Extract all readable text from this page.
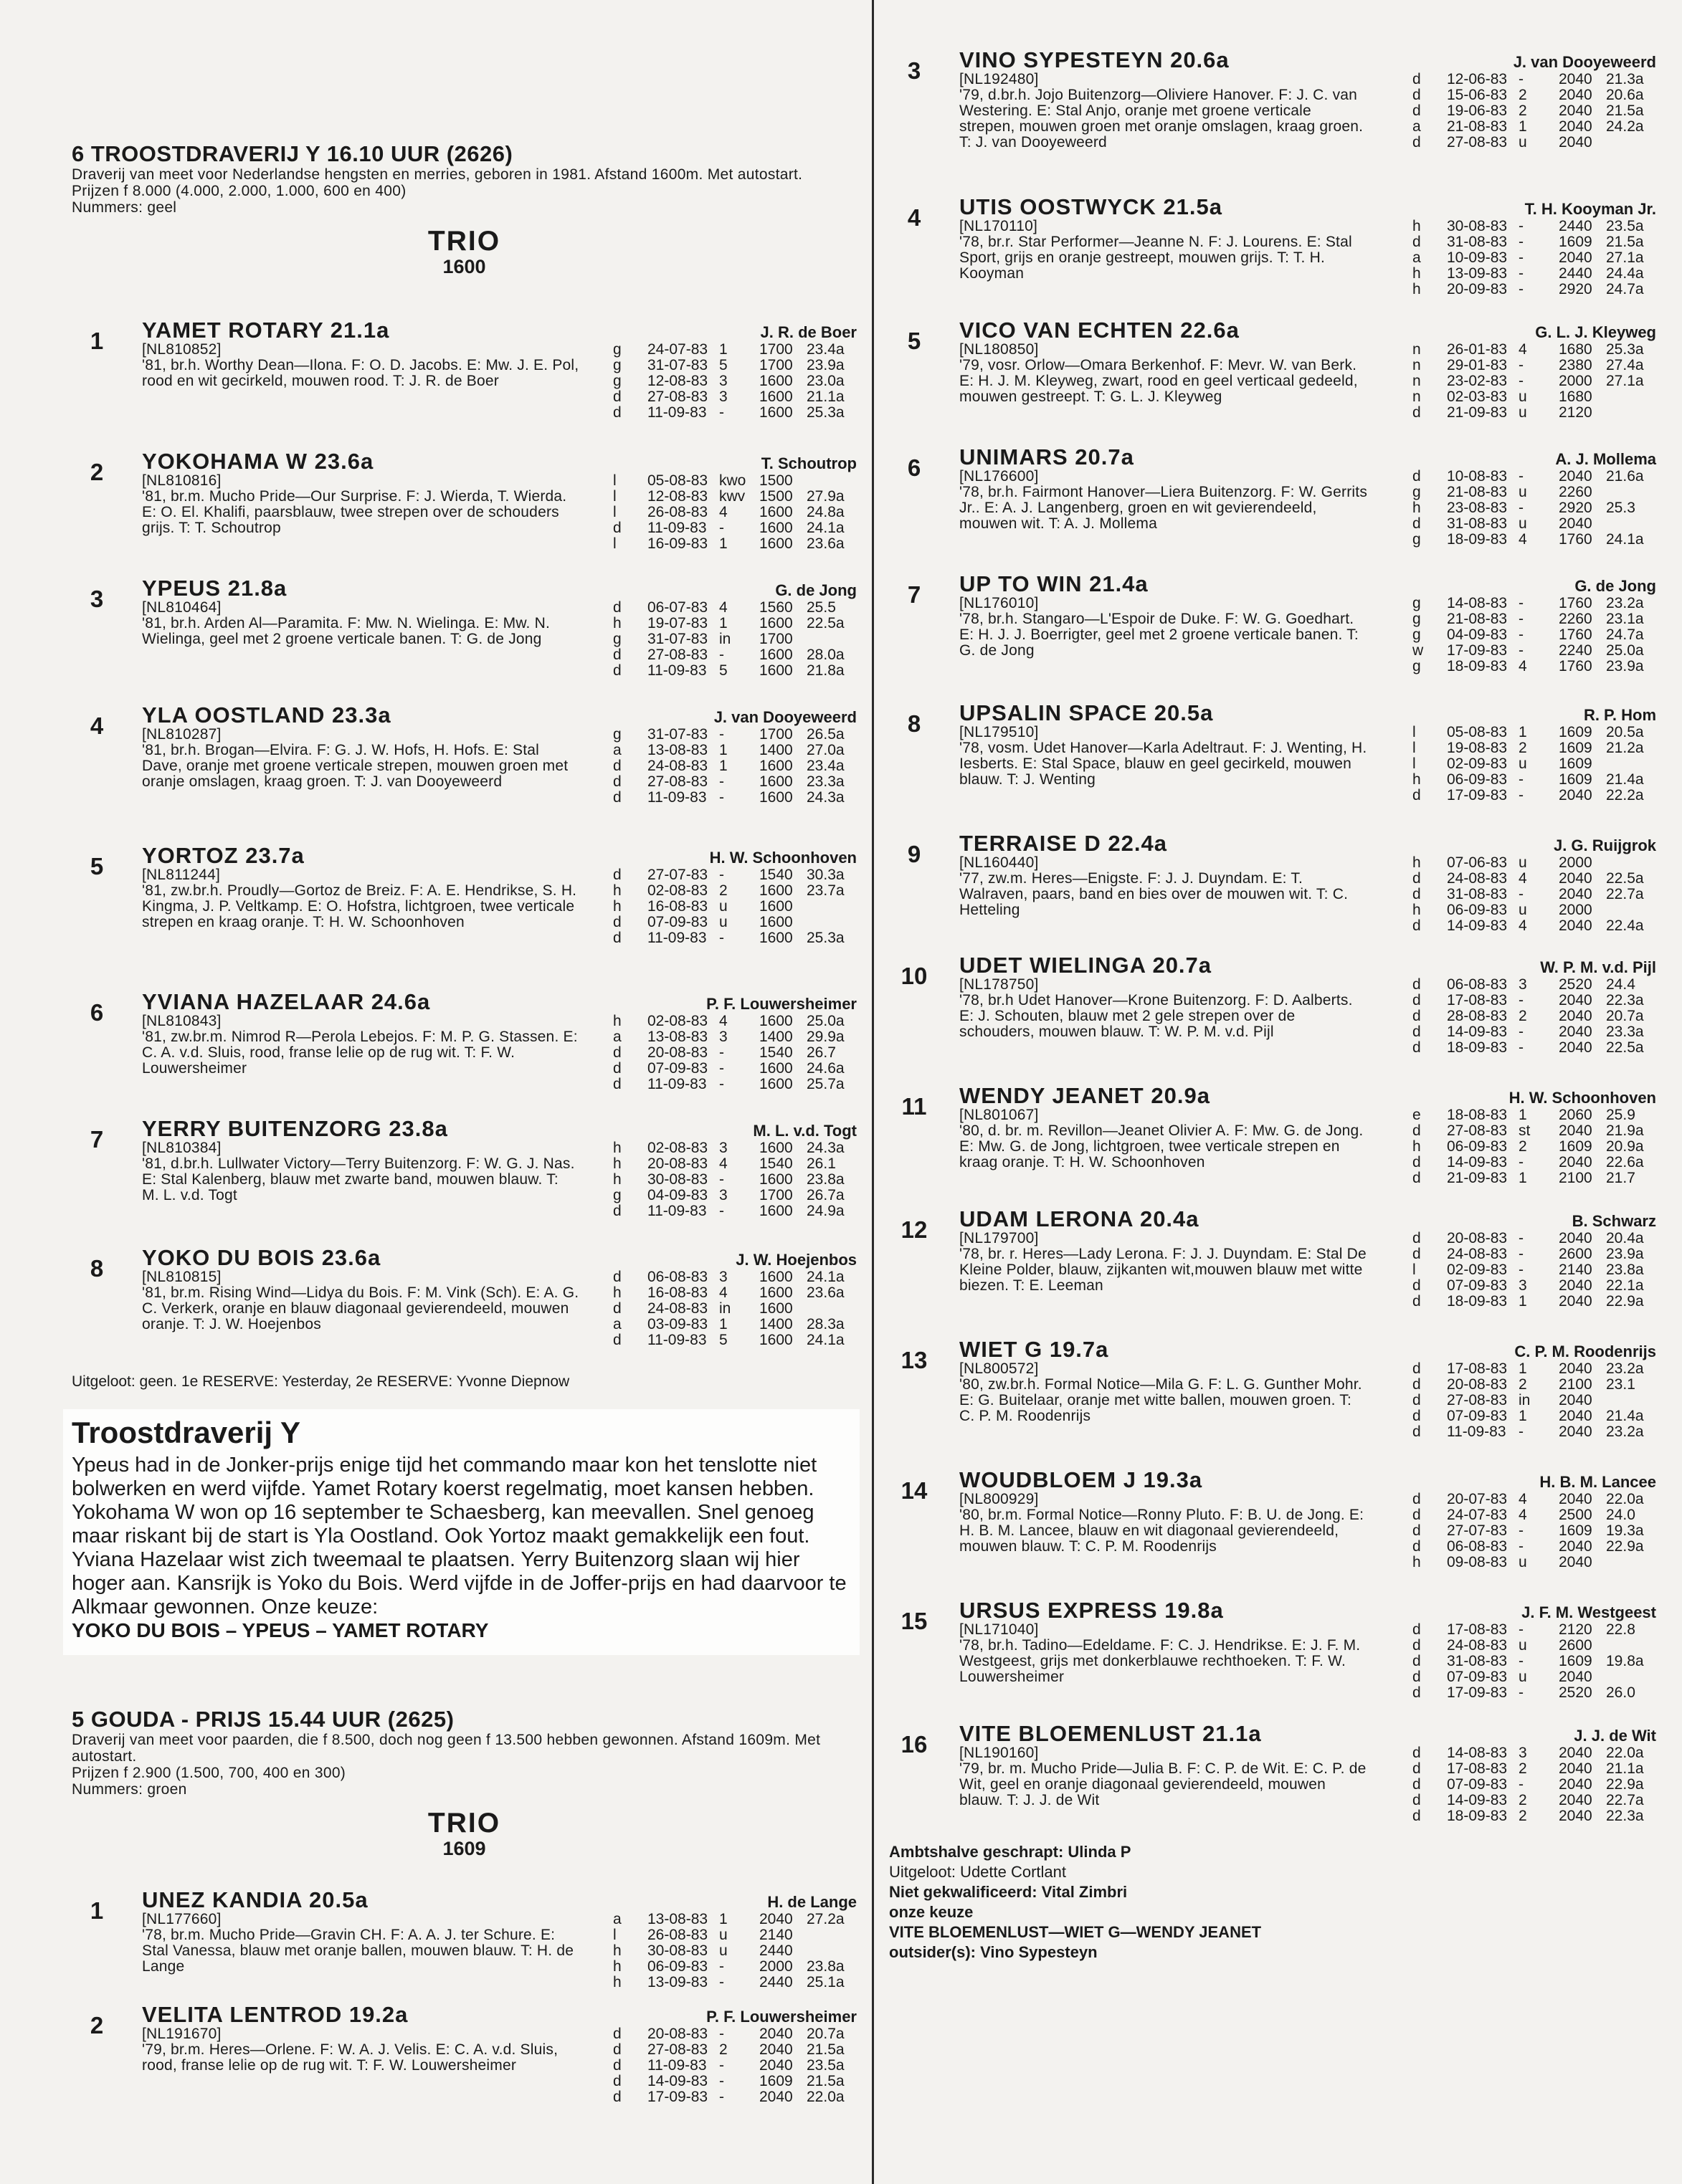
6 TROOSTDRAVERIJ Y 16.10 UUR (2626)
Draverij van meet voor Nederlandse hengsten en merries, geboren in 1981. Afstand 1600m. Met autostart.
Prijzen f 8.000 (4.000, 2.000, 1.000, 600 en 400)
Nummers: geel
TRIO
1600
1	YAMET ROTARY 21.1a	J. R. de Boer
[NL810852]
'81, br.h. Worthy Dean—Ilona. F: O. D. Jacobs. E: Mw. J. E. Pol, rood en wit gecirkeld, mouwen rood. T: J. R. de Boer
g	24-07-83 1	1700 23.4a
g	31-07-83 5	1700 23.9a
g	12-08-83 3	1600 23.0a
d	27-08-83 3	1600 21.1a
d	11-09-83 -	1600 25.3a
2	YOKOHAMA W 23.6a	T. Schoutrop
[NL810816]
'81, br.m. Mucho Pride—Our Surprise. F: J. Wierda, T. Wierda. E: O. El. Khalifi, paarsblauw, twee strepen over de schouders grijs. T: T. Schoutrop
l	05-08-83 kwo 1500
l	12-08-83 kwv 1500 27.9a
l	26-08-83 4	1600 24.8a
d	11-09-83 -	1600 24.1a
l	16-09-83 1	1600 23.6a
3	YPEUS 21.8a	G. de Jong
[NL810464]
'81, br.h. Arden Al—Paramita. F: Mw. N. Wielinga. E: Mw. N. Wielinga, geel met 2 groene verticale banen. T: G. de Jong
d	06-07-83 4	1560 25.5
h	19-07-83 1	1600 22.5a
g	31-07-83 in	1700
d	27-08-83 -	1600 28.0a
d	11-09-83 5	1600 21.8a
4	YLA OOSTLAND 23.3a	J. van Dooyeweerd
[NL810287]
'81, br.h. Brogan—Elvira. F: G. J. W. Hofs, H. Hofs. E: Stal Dave, oranje met groene verticale strepen, mouwen groen met oranje omslagen, kraag groen. T: J. van Dooyeweerd
g	31-07-83 -	1700 26.5a
a	13-08-83 1	1400 27.0a
d	24-08-83 1	1600 23.4a
d	27-08-83 -	1600 23.3a
d	11-09-83 -	1600 24.3a
5	YORTOZ 23.7a	H. W. Schoonhoven
[NL811244]
'81, zw.br.h. Proudly—Gortoz de Breiz. F: A. E. Hendrikse, S. H. Kingma, J. P. Veltkamp. E: O. Hofstra, lichtgroen, twee verticale strepen en kraag oranje. T: H. W. Schoonhoven
d	27-07-83 -	1540 30.3a
h	02-08-83 2	1600 23.7a
h	16-08-83 u	1600
d	07-09-83 u	1600
d	11-09-83 -	1600 25.3a
6	YVIANA HAZELAAR 24.6a	P. F. Louwersheimer
[NL810843]
'81, zw.br.m. Nimrod R—Perola Lebejos. F: M. P. G. Stassen. E: C. A. v.d. Sluis, rood, franse lelie op de rug wit. T: F. W. Louwersheimer
h	02-08-83 4	1600 25.0a
a	13-08-83 3	1400 29.9a
d	20-08-83 -	1540 26.7
d	07-09-83 -	1600 24.6a
d	11-09-83 -	1600 25.7a
7	YERRY BUITENZORG 23.8a	M. L. v.d. Togt
[NL810384]
'81, d.br.h. Lullwater Victory—Terry Buitenzorg. F: W. G. J. Nas. E: Stal Kalenberg, blauw met zwarte band, mouwen blauw. T: M. L. v.d. Togt
h	02-08-83 3	1600 24.3a
h	20-08-83 4	1540 26.1
h	30-08-83 -	1600 23.8a
g	04-09-83 3	1700 26.7a
d	11-09-83 -	1600 24.9a
8	YOKO DU BOIS 23.6a	J. W. Hoejenbos
[NL810815]
'81, br.m. Rising Wind—Lidya du Bois. F: M. Vink (Sch). E: A. G. C. Verkerk, oranje en blauw diagonaal gevierendeeld, mouwen oranje. T: J. W. Hoejenbos
d	06-08-83 3	1600 24.1a
h	16-08-83 4	1600 23.6a
d	24-08-83 in	1600
a	03-09-83 1	1400 28.3a
d	11-09-83 5	1600 24.1a
Uitgeloot: geen. 1e RESERVE: Yesterday, 2e RESERVE: Yvonne Diepnow
Troostdraverij Y
Ypeus had in de Jonker-prijs enige tijd het commando maar kon het tenslotte niet bolwerken en werd vijfde. Yamet Rotary koerst regelmatig, moet kansen hebben. Yokohama W won op 16 september te Schaesberg, kan meevallen. Snel genoeg maar riskant bij de start is Yla Oostland. Ook Yortoz maakt gemakkelijk een fout. Yviana Hazelaar wist zich tweemaal te plaatsen. Yerry Buitenzorg slaan wij hier hoger aan. Kansrijk is Yoko du Bois. Werd vijfde in de Joffer-prijs en had daarvoor te Alkmaar gewonnen. Onze keuze:
YOKO DU BOIS – YPEUS – YAMET ROTARY
5 GOUDA - PRIJS 15.44 UUR (2625)
Draverij van meet voor paarden, die f 8.500, doch nog geen f 13.500 hebben gewonnen. Afstand 1609m. Met autostart.
Prijzen f 2.900 (1.500, 700, 400 en 300)
Nummers: groen
TRIO
1609
1	UNEZ KANDIA 20.5a	H. de Lange
[NL177660]
'78, br.m. Mucho Pride—Gravin CH. F: A. A. J. ter Schure. E: Stal Vanessa, blauw met oranje ballen, mouwen blauw. T: H. de Lange
a	13-08-83 1	2040 27.2a
l	26-08-83 u	2140
h	30-08-83 u	2440
h	06-09-83 -	2000 23.8a
h	13-09-83 -	2440 25.1a
2	VELITA LENTROD 19.2a	P. F. Louwersheimer
[NL191670]
'79, br.m. Heres—Orlene. F: W. A. J. Velis. E: C. A. v.d. Sluis, rood, franse lelie op de rug wit. T: F. W. Louwersheimer
d	20-08-83 -	2040 20.7a
d	27-08-83 2	2040 21.5a
d	11-09-83 -	2040 23.5a
d	14-09-83 -	1609 21.5a
d	17-09-83 -	2040 22.0a
3	VINO SYPESTEYN 20.6a	J. van Dooyeweerd
[NL192480]
'79, d.br.h. Jojo Buitenzorg—Oliviere Hanover. F: J. C. van Westering. E: Stal Anjo, oranje met groene verticale strepen, mouwen groen met oranje omslagen, kraag groen. T: J. van Dooyeweerd
d	12-06-83 -	2040 21.3a
d	15-06-83 2	2040 20.6a
d	19-06-83 2	2040 21.5a
a	21-08-83 1	2040 24.2a
d	27-08-83 u	2040
4	UTIS OOSTWYCK 21.5a	T. H. Kooyman Jr.
[NL170110]
'78, br.r. Star Performer—Jeanne N. F: J. Lourens. E: Stal Sport, grijs en oranje gestreept, mouwen grijs. T: T. H. Kooyman
h	30-08-83 -	2440 23.5a
d	31-08-83 -	1609 21.5a
a	10-09-83 -	2040 27.1a
h	13-09-83 -	2440 24.4a
h	20-09-83 -	2920 24.7a
5	VICO VAN ECHTEN 22.6a	G. L. J. Kleyweg
[NL180850]
'79, vosr. Orlow—Omara Berkenhof. F: Mevr. W. van Berk. E: H. J. M. Kleyweg, zwart, rood en geel verticaal gedeeld, mouwen gestreept. T: G. L. J. Kleyweg
n	26-01-83 4	1680 25.3a
n	29-01-83 -	2380 27.4a
n	23-02-83 -	2000 27.1a
n	02-03-83 u	1680
d	21-09-83 u	2120
6	UNIMARS 20.7a	A. J. Mollema
[NL176600]
'78, br.h. Fairmont Hanover—Liera Buitenzorg. F: W. Gerrits Jr.. E: A. J. Langenberg, groen en wit gevierendeeld, mouwen wit. T: A. J. Mollema
d	10-08-83 -	2040 21.6a
g	21-08-83 u	2260
h	23-08-83 -	2920 25.3
d	31-08-83 u	2040
g	18-09-83 4	1760 24.1a
7	UP TO WIN 21.4a	G. de Jong
[NL176010]
'78, br.h. Stangaro—L'Espoir de Duke. F: W. G. Goedhart. E: H. J. J. Boerrigter, geel met 2 groene verticale banen. T: G. de Jong
g	14-08-83 -	1760 23.2a
g	21-08-83 -	2260 23.1a
g	04-09-83 -	1760 24.7a
w	17-09-83 -	2240 25.0a
g	18-09-83 4	1760 23.9a
8	UPSALIN SPACE 20.5a	R. P. Hom
[NL179510]
'78, vosm. Udet Hanover—Karla Adeltraut. F: J. Wenting, H. Iesberts. E: Stal Space, blauw en geel gecirkeld, mouwen blauw. T: J. Wenting
l	05-08-83 1	1609 20.5a
l	19-08-83 2	1609 21.2a
l	02-09-83 u	1609
h	06-09-83 -	1609 21.4a
d	17-09-83 -	2040 22.2a
9	TERRAISE D 22.4a	J. G. Ruijgrok
[NL160440]
'77, zw.m. Heres—Enigste. F: J. J. Duyndam. E: T. Walraven, paars, band en bies over de mouwen wit. T: C. Hetteling
h	07-06-83 u	2000
d	24-08-83 4	2040 22.5a
d	31-08-83 -	2040 22.7a
h	06-09-83 u	2000
d	14-09-83 4	2040 22.4a
10	UDET WIELINGA 20.7a	W. P. M. v.d. Pijl
[NL178750]
'78, br.h Udet Hanover—Krone Buitenzorg. F: D. Aalberts. E: J. Schouten, blauw met 2 gele strepen over de schouders, mouwen blauw. T: W. P. M. v.d. Pijl
d	06-08-83 3	2520 24.4
d	17-08-83 -	2040 22.3a
d	28-08-83 2	2040 20.7a
d	14-09-83 -	2040 23.3a
d	18-09-83 -	2040 22.5a
11	WENDY JEANET 20.9a	H. W. Schoonhoven
[NL801067]
'80, d. br. m. Revillon—Jeanet Olivier A. F: Mw. G. de Jong. E: Mw. G. de Jong, lichtgroen, twee verticale strepen en kraag oranje. T: H. W. Schoonhoven
e	18-08-83 1	2060 25.9
d	27-08-83 st	2040 21.9a
h	06-09-83 2	1609 20.9a
d	14-09-83 -	2040 22.6a
d	21-09-83 1	2100 21.7
12	UDAM LERONA 20.4a	B. Schwarz
[NL179700]
'78, br. r. Heres—Lady Lerona. F: J. J. Duyndam. E: Stal De Kleine Polder, blauw, zijkanten wit,mouwen blauw met witte biezen. T: E. Leeman
d	20-08-83 -	2040 20.4a
d	24-08-83 -	2600 23.9a
l	02-09-83 -	2140 23.8a
d	07-09-83 3	2040 22.1a
d	18-09-83 1	2040 22.9a
13	WIET G 19.7a	C. P. M. Roodenrijs
[NL800572]
'80, zw.br.h. Formal Notice—Mila G. F: L. G. Gunther Mohr. E: G. Buitelaar, oranje met witte ballen, mouwen groen. T: C. P. M. Roodenrijs
d	17-08-83 1	2040 23.2a
d	20-08-83 2	2100 23.1
d	27-08-83 in	2040
d	07-09-83 1	2040 21.4a
d	11-09-83 -	2040 23.2a
14	WOUDBLOEM J 19.3a	H. B. M. Lancee
[NL800929]
'80, br.m. Formal Notice—Ronny Pluto. F: B. U. de Jong. E: H. B. M. Lancee, blauw en wit diagonaal gevierendeeld, mouwen blauw. T: C. P. M. Roodenrijs
d	20-07-83 4	2040 22.0a
d	24-07-83 4	2500 24.0
d	27-07-83 -	1609 19.3a
d	06-08-83 -	2040 22.9a
h	09-08-83 u	2040
15	URSUS EXPRESS 19.8a	J. F. M. Westgeest
[NL171040]
'78, br.h. Tadino—Edeldame. F: C. J. Hendrikse. E: J. F. M. Westgeest, grijs met donkerblauwe rechthoeken. T: F. W. Louwersheimer
d	17-08-83 -	2120 22.8
d	24-08-83 u	2600
d	31-08-83 -	1609 19.8a
d	07-09-83 u	2040
d	17-09-83 -	2520 26.0
16	VITE BLOEMENLUST 21.1a	J. J. de Wit
[NL190160]
'79, br. m. Mucho Pride—Julia B. F: C. P. de Wit. E: C. P. de Wit, geel en oranje diagonaal gevierendeeld, mouwen blauw. T: J. J. de Wit
d	14-08-83 3	2040 22.0a
d	17-08-83 2	2040 21.1a
d	07-09-83 -	2040 22.9a
d	14-09-83 2	2040 22.7a
d	18-09-83 2	2040 22.3a
Ambtshalve geschrapt: Ulinda P
Uitgeloot: Udette Cortlant
Niet gekwalificeerd: Vital Zimbri
onze keuze
VITE BLOEMENLUST—WIET G—WENDY JEANET
outsider(s): Vino Sypesteyn
